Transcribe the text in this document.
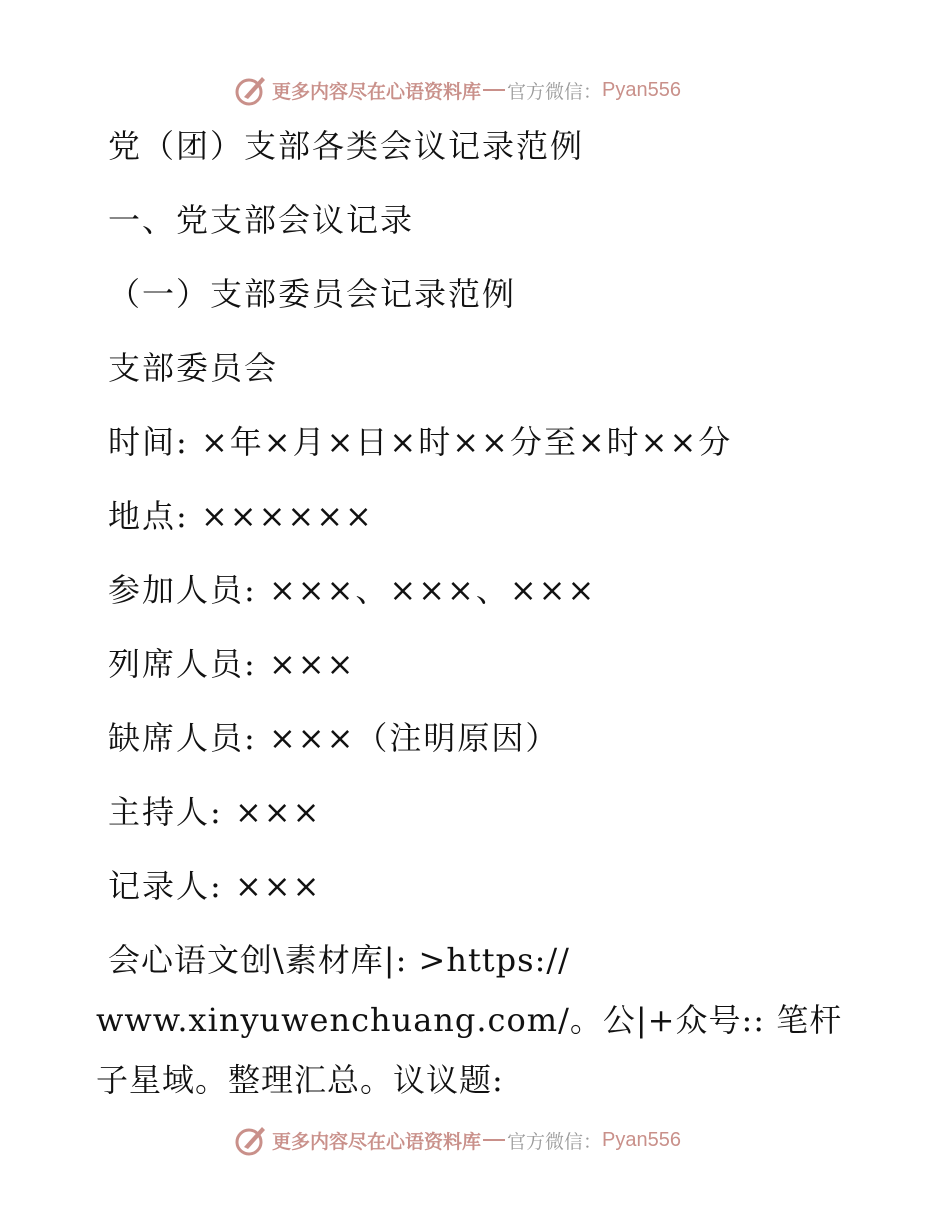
更多内容尽在心语资料库 官方微信： Pyan556
党（团）支部各类会议记录范例
一、党支部会议记录
（一）支部委员会记录范例
支部委员会
时间: ×年×月×日×时××分至×时××分
地点: ××××××
参加人员: ×××、×××、×××
列席人员: ×××
缺席人员: ×××（注明原因）
主持人: ×××
记录人: ×××
会心语文创\素材库|: >https://
www.xinyuwenchuang.com/。公|+众号:: 笔杆子星域。整理汇总。议议题:
更多内容尽在心语资料库 官方微信： Pyan556
